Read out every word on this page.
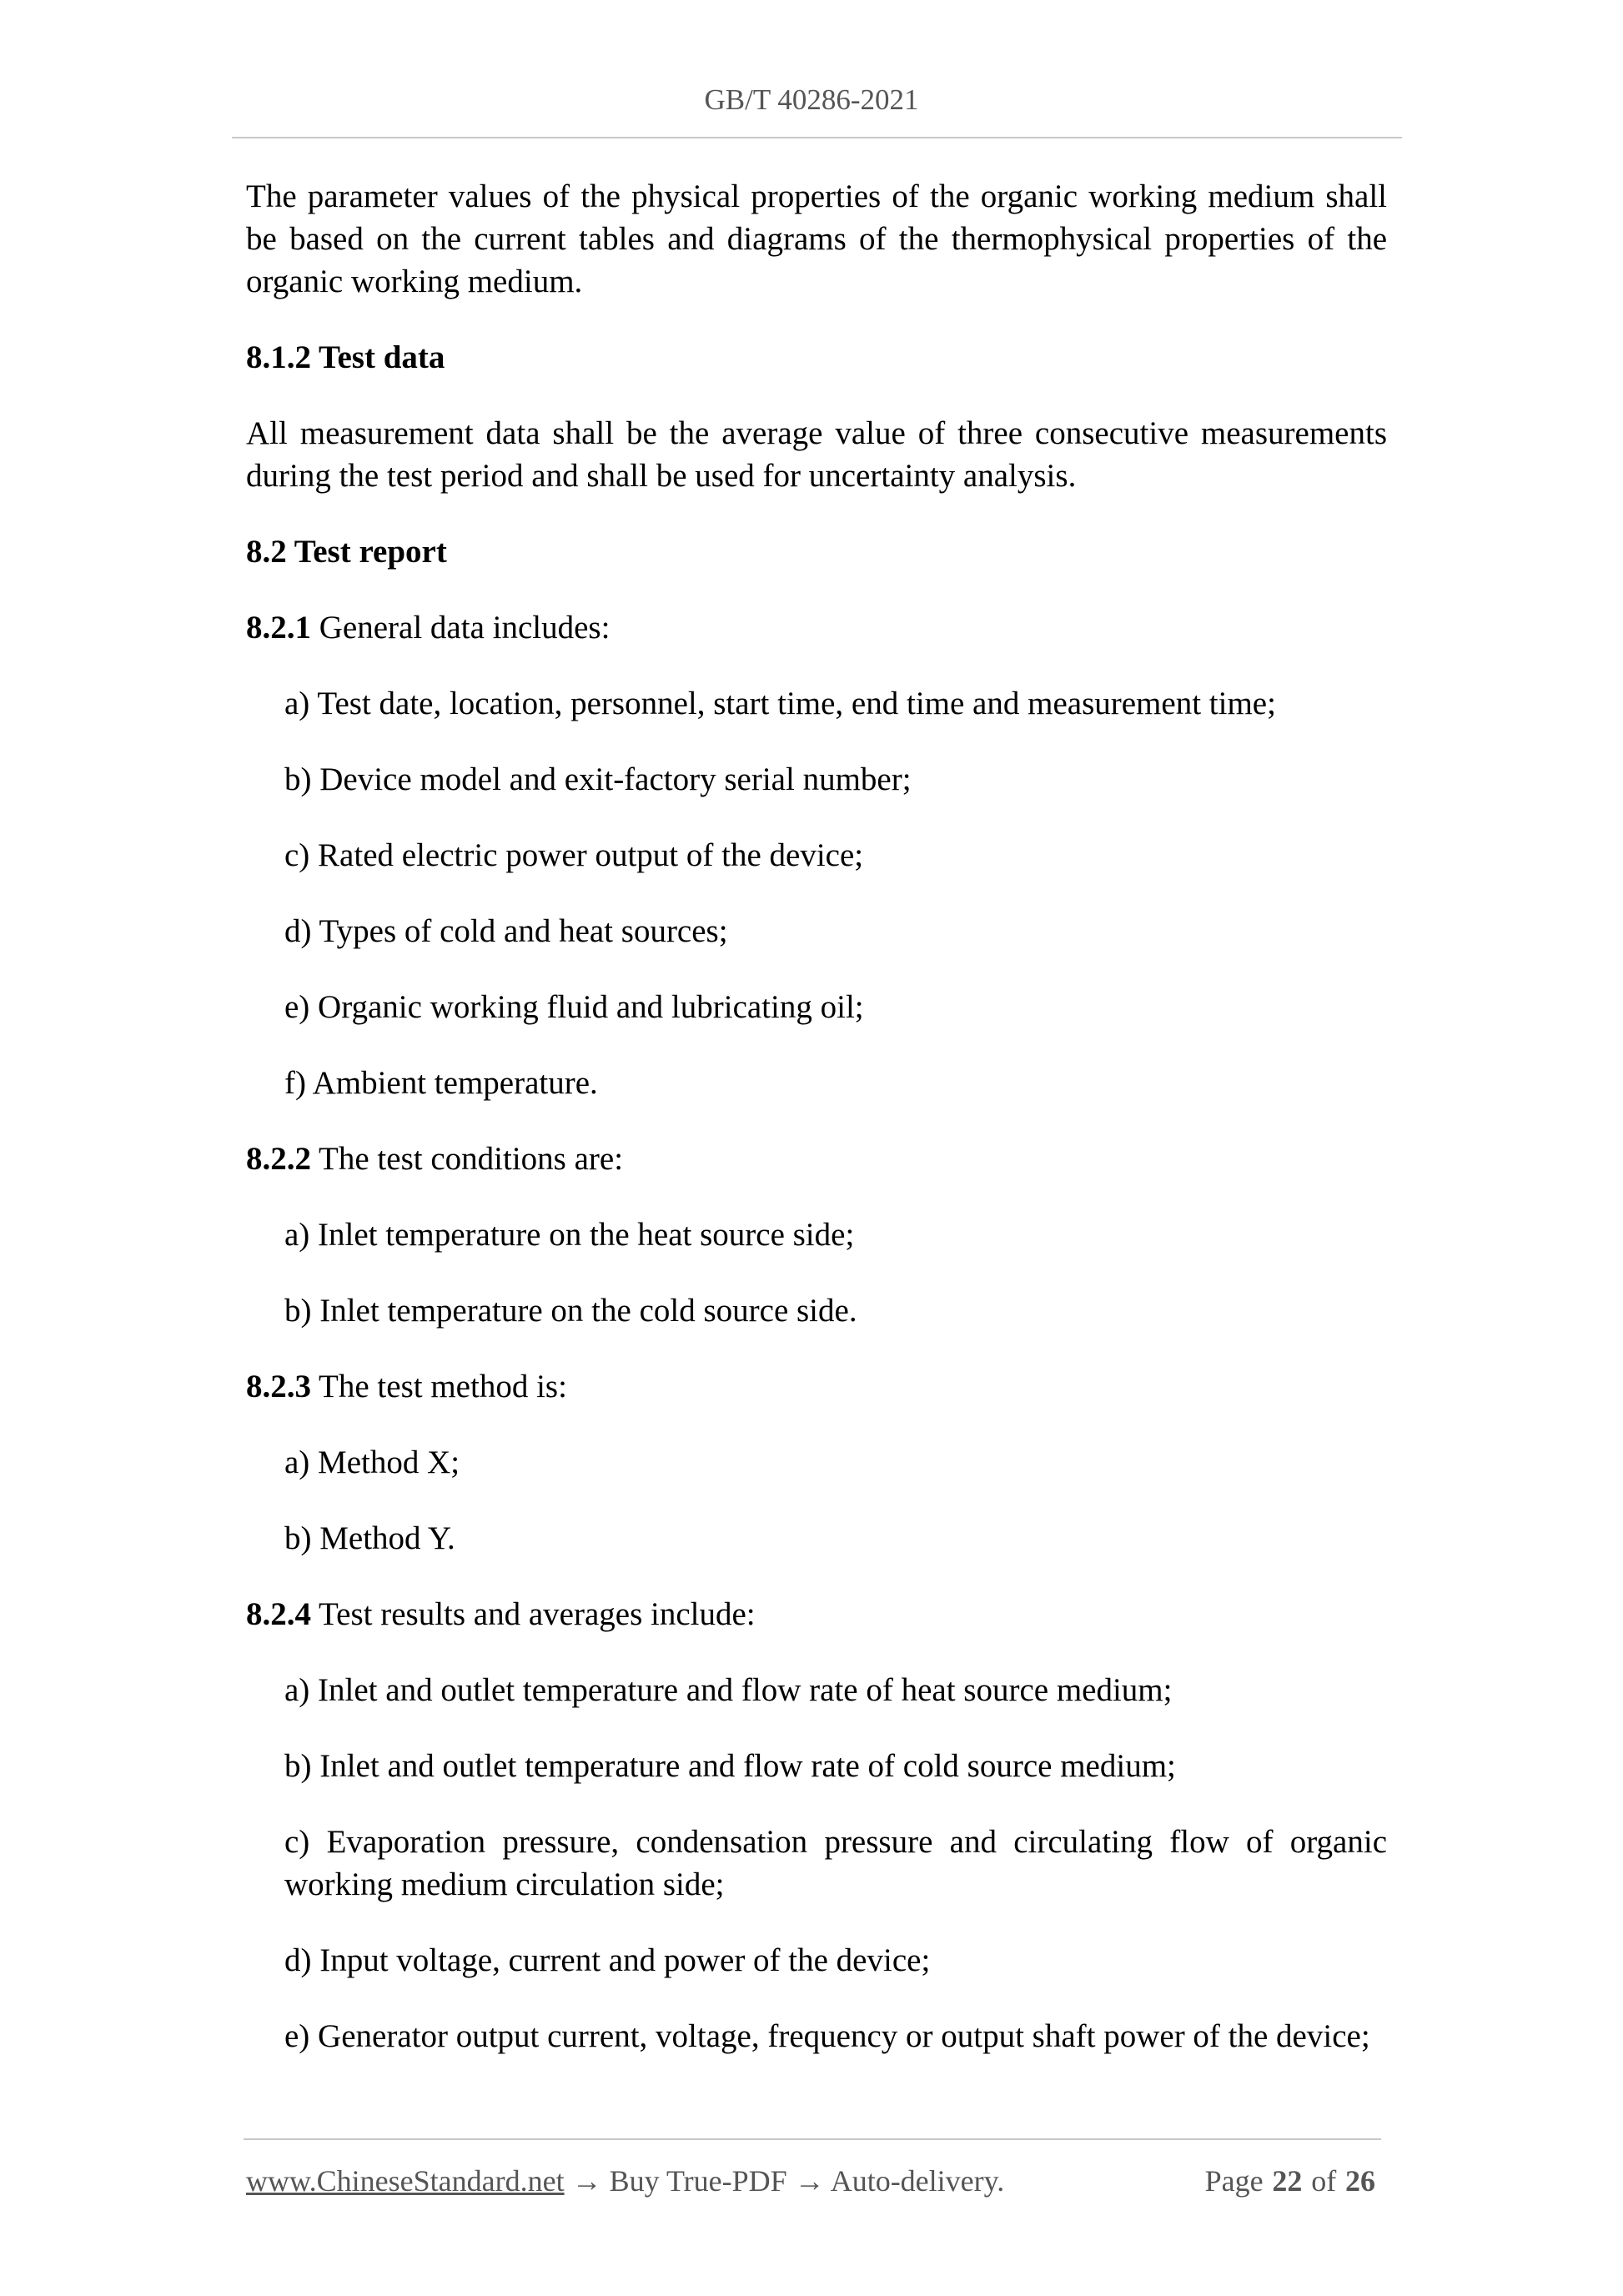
GB/T 40286-2021

The parameter values of the physical properties of the organic working medium shall be based on the current tables and diagrams of the thermophysical properties of the organic working medium.

8.1.2 Test data

All measurement data shall be the average value of three consecutive measurements during the test period and shall be used for uncertainty analysis.

8.2 Test report

8.2.1 General data includes:

a) Test date, location, personnel, start time, end time and measurement time;

b) Device model and exit-factory serial number;

c) Rated electric power output of the device;

d) Types of cold and heat sources;

e) Organic working fluid and lubricating oil;

f) Ambient temperature.

8.2.2 The test conditions are:

a) Inlet temperature on the heat source side;

b) Inlet temperature on the cold source side.

8.2.3 The test method is:

a) Method X;

b) Method Y.

8.2.4 Test results and averages include:

a) Inlet and outlet temperature and flow rate of heat source medium;

b) Inlet and outlet temperature and flow rate of cold source medium;

c) Evaporation pressure, condensation pressure and circulating flow of organic working medium circulation side;

d) Input voltage, current and power of the device;

e) Generator output current, voltage, frequency or output shaft power of the device;

www.ChineseStandard.net → Buy True-PDF → Auto-delivery.	Page 22 of 26
